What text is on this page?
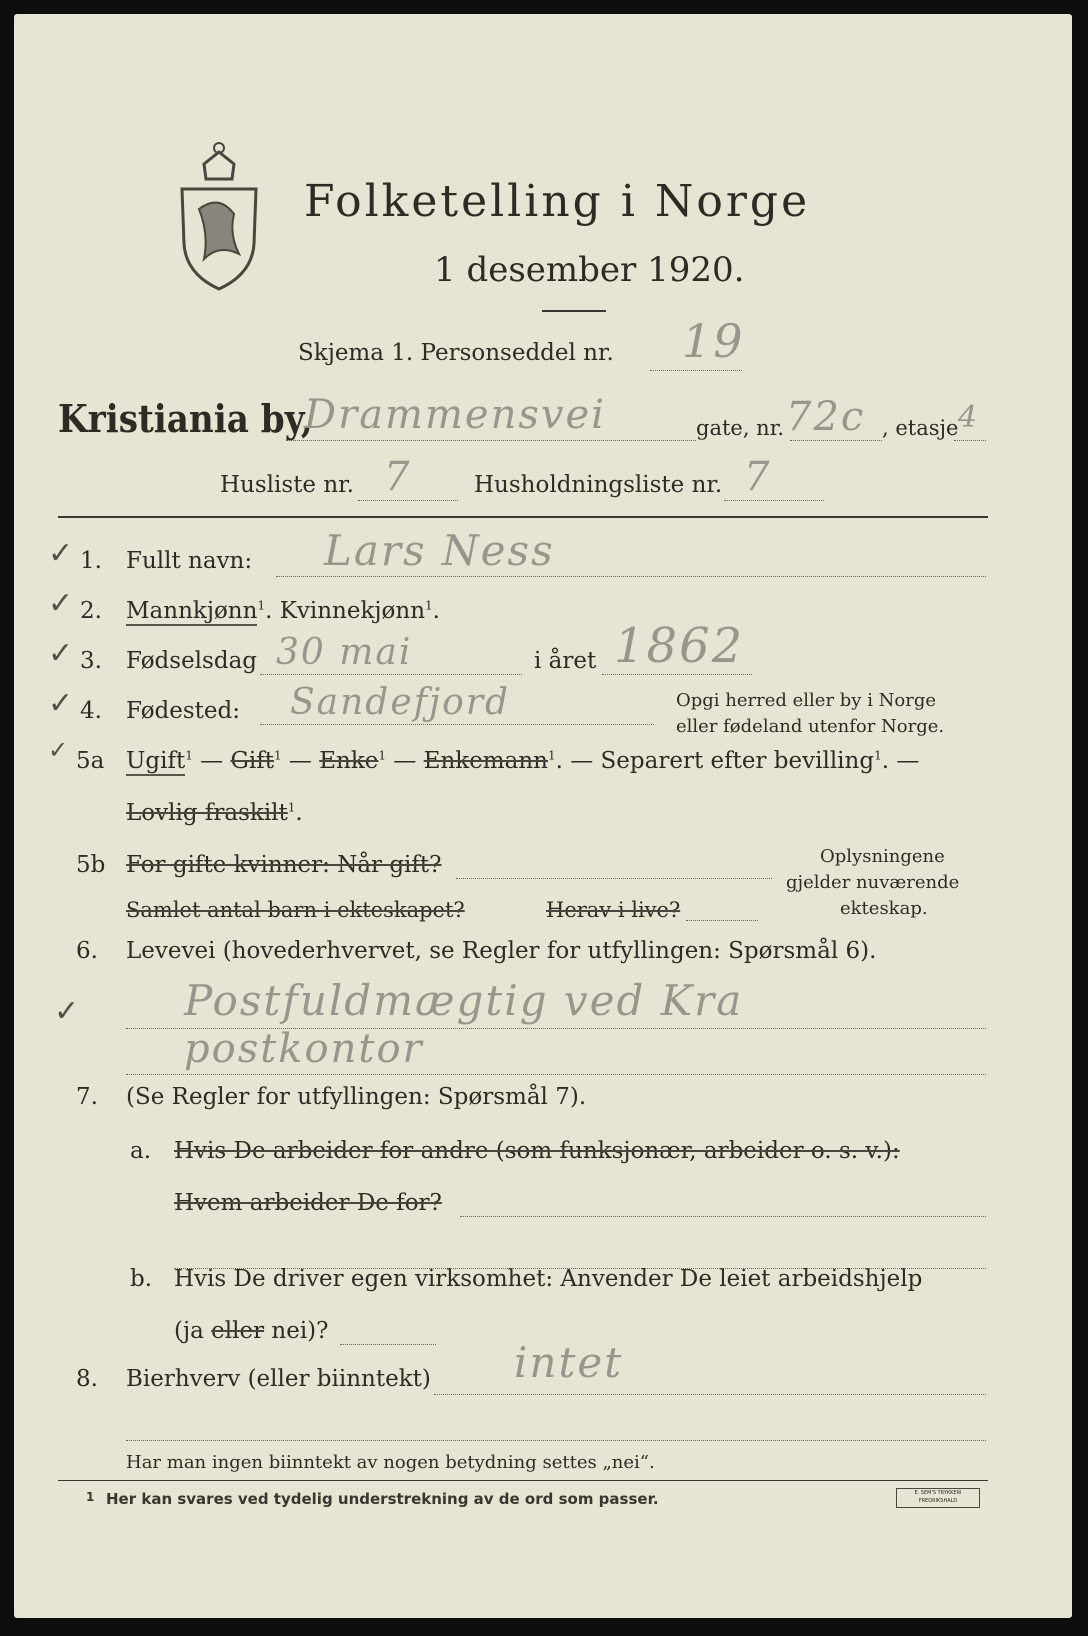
Folketelling i Norge
1 desember 1920.
Skjema 1. Personseddel nr. 19
Kristiania by,
Drammensvei	gate, nr. 72c , etasje 4
Husliste nr. 7	Husholdningsliste nr. 7
✓ 1. Fullt navn: Lars Ness
✓ 2. Mannkjønn$^1$. Kvinnekjønn$^1$.
✓ 3. Fødselsdag 30 mai	i året 1862
✓ 4. Fødested: Sandefjord	Opgi herred eller by i Norge
eller fødeland utenfor Norge.
✓ 5a Ugift$^1$ — Gift$^1$ — Enke$^1$ — Enkemann$^1$. — Separert efter bevilling$^1$. —
Lovlig fraskilt$^1$.
5b For gifte kvinner: Når gift?
Samlet antal barn i ekteskapet?	Herav i live?
Oplysningene
gjelder nuværende
ekteskap.
6. Levevei (hovederhvervet, se Regler for utfyllingen: Spørsmål 6).
✓ Postfuldmægtig ved Kra
postkontor
7. (Se Regler for utfyllingen: Spørsmål 7).
a. Hvis De arbeider for andre (som funksjonær, arbeider o. s. v.):
Hvem arbeider De for?
b. Hvis De driver egen virksomhet: Anvender De leiet arbeidshjelp
(ja eller nei)?
8. Bierhverv (eller biinntekt) intet
Har man ingen biinntekt av nogen betydning settes „nei“.
1 Her kan svares ved tydelig understrekning av de ord som passer.	E. SEM'S TRYKKERI FREDRIKSHALD
